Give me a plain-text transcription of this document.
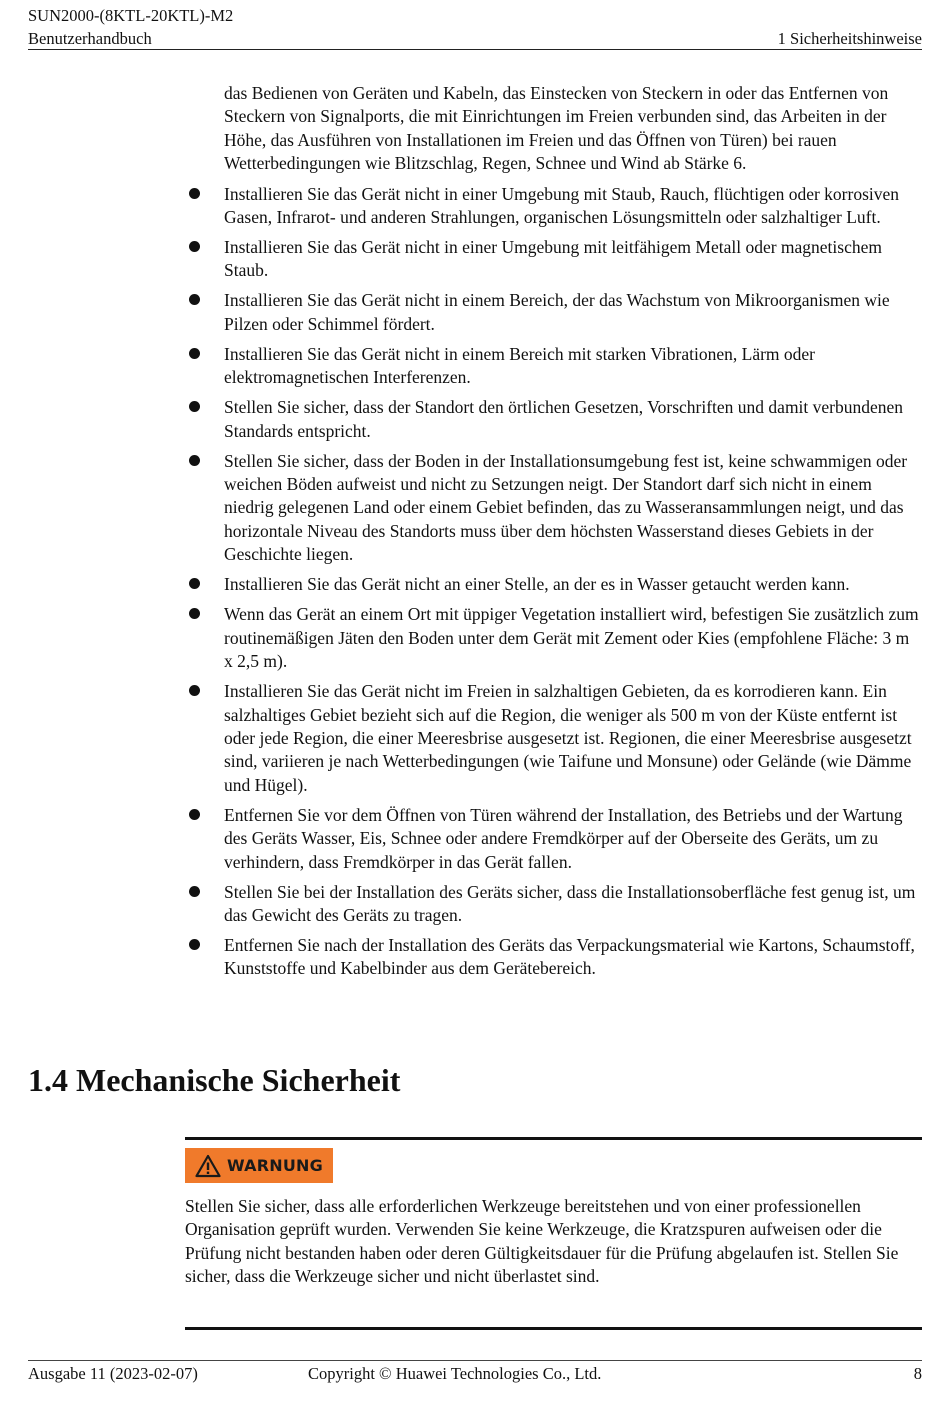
SUN2000-(8KTL-20KTL)-M2
Benutzerhandbuch	1 Sicherheitshinweise

das Bedienen von Geräten und Kabeln, das Einstecken von Steckern in oder das Entfernen von Steckern von Signalports, die mit Einrichtungen im Freien verbunden sind, das Arbeiten in der Höhe, das Ausführen von Installationen im Freien und das Öffnen von Türen) bei rauen Wetterbedingungen wie Blitzschlag, Regen, Schnee und Wind ab Stärke 6.

Installieren Sie das Gerät nicht in einer Umgebung mit Staub, Rauch, flüchtigen oder korrosiven Gasen, Infrarot- und anderen Strahlungen, organischen Lösungsmitteln oder salzhaltiger Luft.
Installieren Sie das Gerät nicht in einer Umgebung mit leitfähigem Metall oder magnetischem Staub.
Installieren Sie das Gerät nicht in einem Bereich, der das Wachstum von Mikroorganismen wie Pilzen oder Schimmel fördert.
Installieren Sie das Gerät nicht in einem Bereich mit starken Vibrationen, Lärm oder elektromagnetischen Interferenzen.
Stellen Sie sicher, dass der Standort den örtlichen Gesetzen, Vorschriften und damit verbundenen Standards entspricht.
Stellen Sie sicher, dass der Boden in der Installationsumgebung fest ist, keine schwammigen oder weichen Böden aufweist und nicht zu Setzungen neigt. Der Standort darf sich nicht in einem niedrig gelegenen Land oder einem Gebiet befinden, das zu Wasseransammlungen neigt, und das horizontale Niveau des Standorts muss über dem höchsten Wasserstand dieses Gebiets in der Geschichte liegen.
Installieren Sie das Gerät nicht an einer Stelle, an der es in Wasser getaucht werden kann.
Wenn das Gerät an einem Ort mit üppiger Vegetation installiert wird, befestigen Sie zusätzlich zum routinemäßigen Jäten den Boden unter dem Gerät mit Zement oder Kies (empfohlene Fläche: 3 m x 2,5 m).
Installieren Sie das Gerät nicht im Freien in salzhaltigen Gebieten, da es korrodieren kann. Ein salzhaltiges Gebiet bezieht sich auf die Region, die weniger als 500 m von der Küste entfernt ist oder jede Region, die einer Meeresbrise ausgesetzt ist. Regionen, die einer Meeresbrise ausgesetzt sind, variieren je nach Wetterbedingungen (wie Taifune und Monsune) oder Gelände (wie Dämme und Hügel).
Entfernen Sie vor dem Öffnen von Türen während der Installation, des Betriebs und der Wartung des Geräts Wasser, Eis, Schnee oder andere Fremdkörper auf der Oberseite des Geräts, um zu verhindern, dass Fremdkörper in das Gerät fallen.
Stellen Sie bei der Installation des Geräts sicher, dass die Installationsoberfläche fest genug ist, um das Gewicht des Geräts zu tragen.
Entfernen Sie nach der Installation des Geräts das Verpackungsmaterial wie Kartons, Schaumstoff, Kunststoffe und Kabelbinder aus dem Gerätebereich.
1.4 Mechanische Sicherheit
WARNUNG

Stellen Sie sicher, dass alle erforderlichen Werkzeuge bereitstehen und von einer professionellen Organisation geprüft wurden. Verwenden Sie keine Werkzeuge, die Kratzspuren aufweisen oder die Prüfung nicht bestanden haben oder deren Gültigkeitsdauer für die Prüfung abgelaufen ist. Stellen Sie sicher, dass die Werkzeuge sicher und nicht überlastet sind.

Ausgabe 11 (2023-02-07)	Copyright © Huawei Technologies Co., Ltd.	8
